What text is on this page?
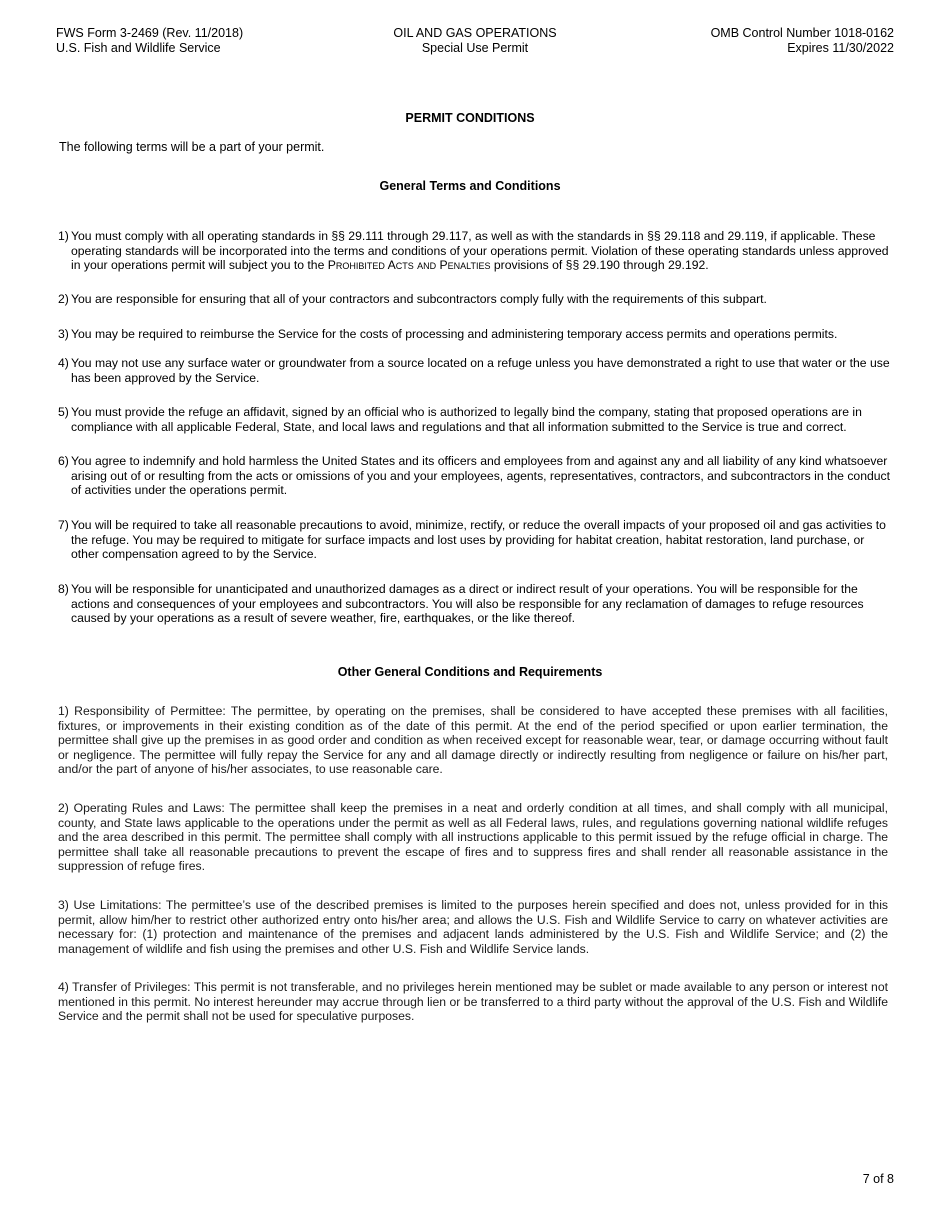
FWS Form 3-2469 (Rev. 11/2018)
U.S. Fish and Wildlife Service
OIL AND GAS OPERATIONS
Special Use Permit
OMB Control Number 1018-0162
Expires 11/30/2022
PERMIT CONDITIONS
The following terms will be a part of your permit.
General Terms and Conditions
1) You must comply with all operating standards in §§ 29.111 through 29.117, as well as with the standards in §§ 29.118 and 29.119, if applicable. These operating standards will be incorporated into the terms and conditions of your operations permit. Violation of these operating standards unless approved in your operations permit will subject you to the Prohibited Acts and Penalties provisions of §§ 29.190 through 29.192.
2) You are responsible for ensuring that all of your contractors and subcontractors comply fully with the requirements of this subpart.
3) You may be required to reimburse the Service for the costs of processing and administering temporary access permits and operations permits.
4) You may not use any surface water or groundwater from a source located on a refuge unless you have demonstrated a right to use that water or the use has been approved by the Service.
5) You must provide the refuge an affidavit, signed by an official who is authorized to legally bind the company, stating that proposed operations are in compliance with all applicable Federal, State, and local laws and regulations and that all information submitted to the Service is true and correct.
6) You agree to indemnify and hold harmless the United States and its officers and employees from and against any and all liability of any kind whatsoever arising out of or resulting from the acts or omissions of you and your employees, agents, representatives, contractors, and subcontractors in the conduct of activities under the operations permit.
7) You will be required to take all reasonable precautions to avoid, minimize, rectify, or reduce the overall impacts of your proposed oil and gas activities to the refuge. You may be required to mitigate for surface impacts and lost uses by providing for habitat creation, habitat restoration, land purchase, or other compensation agreed to by the Service.
8) You will be responsible for unanticipated and unauthorized damages as a direct or indirect result of your operations. You will be responsible for the actions and consequences of your employees and subcontractors. You will also be responsible for any reclamation of damages to refuge resources caused by your operations as a result of severe weather, fire, earthquakes, or the like thereof.
Other General Conditions and Requirements
1) Responsibility of Permittee: The permittee, by operating on the premises, shall be considered to have accepted these premises with all facilities, fixtures, or improvements in their existing condition as of the date of this permit. At the end of the period specified or upon earlier termination, the permittee shall give up the premises in as good order and condition as when received except for reasonable wear, tear, or damage occurring without fault or negligence. The permittee will fully repay the Service for any and all damage directly or indirectly resulting from negligence or failure on his/her part, and/or the part of anyone of his/her associates, to use reasonable care.
2) Operating Rules and Laws: The permittee shall keep the premises in a neat and orderly condition at all times, and shall comply with all municipal, county, and State laws applicable to the operations under the permit as well as all Federal laws, rules, and regulations governing national wildlife refuges and the area described in this permit. The permittee shall comply with all instructions applicable to this permit issued by the refuge official in charge. The permittee shall take all reasonable precautions to prevent the escape of fires and to suppress fires and shall render all reasonable assistance in the suppression of refuge fires.
3) Use Limitations: The permittee’s use of the described premises is limited to the purposes herein specified and does not, unless provided for in this permit, allow him/her to restrict other authorized entry onto his/her area; and allows the U.S. Fish and Wildlife Service to carry on whatever activities are necessary for: (1) protection and maintenance of the premises and adjacent lands administered by the U.S. Fish and Wildlife Service; and (2) the management of wildlife and fish using the premises and other U.S. Fish and Wildlife Service lands.
4) Transfer of Privileges: This permit is not transferable, and no privileges herein mentioned may be sublet or made available to any person or interest not mentioned in this permit. No interest hereunder may accrue through lien or be transferred to a third party without the approval of the U.S. Fish and Wildlife Service and the permit shall not be used for speculative purposes.
7 of 8
